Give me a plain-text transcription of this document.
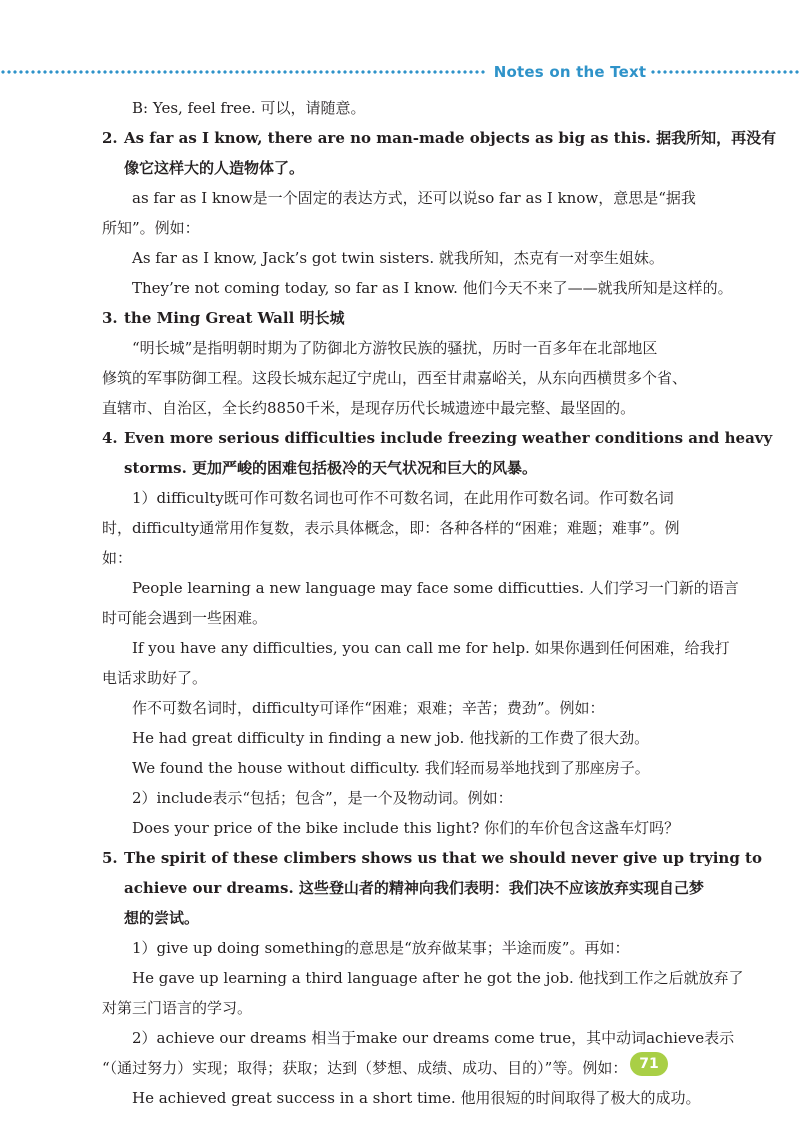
Notes on the Text
B: Yes, feel free. 可以，请随意。
2. As far as I know, there are no man-made objects as big as this. 据我所知，再没有
像它这样大的人造物体了。
as far as I know是一个固定的表达方式，还可以说so far as I know，意思是“据我
所知”。例如：
As far as I know, Jack’s got twin sisters. 就我所知，杰克有一对孪生姐妹。
They’re not coming today, so far as I know. 他们今天不来了——就我所知是这样的。
3. the Ming Great Wall 明长城
“明长城”是指明朝时期为了防御北方游牧民族的骚扰，历时一百多年在北部地区
修筑的军事防御工程。这段长城东起辽宁虎山，西至甘肃嘉峪关，从东向西横贯多个省、
直辖市、自治区，全长约8850千米，是现存历代长城遗迹中最完整、最坚固的。
4. Even more serious difficulties include freezing weather conditions and heavy
storms. 更加严峻的困难包括极冷的天气状况和巨大的风暴。
1）difficulty既可作可数名词也可作不可数名词，在此用作可数名词。作可数名词
时，difficulty通常用作复数，表示具体概念，即：各种各样的“困难；难题；难事”。例
如：
People learning a new language may face some difficutties. 人们学习一门新的语言
时可能会遇到一些困难。
If you have any difficulties, you can call me for help. 如果你遇到任何困难，给我打
电话求助好了。
作不可数名词时，difficulty可译作“困难；艰难；辛苦；费劲”。例如：
He had great difficulty in finding a new job. 他找新的工作费了很大劲。
We found the house without difficulty. 我们轻而易举地找到了那座房子。
2）include表示“包括；包含”，是一个及物动词。例如：
Does your price of the bike include this light? 你们的车价包含这盏车灯吗？
5. The spirit of these climbers shows us that we should never give up trying to
achieve our dreams. 这些登山者的精神向我们表明：我们决不应该放弃实现自己梦
想的尝试。
1）give up doing something的意思是“放弃做某事；半途而废”。再如：
He gave up learning a third language after he got the job. 他找到工作之后就放弃了
对第三门语言的学习。
2）achieve our dreams 相当于make our dreams come true，其中动词achieve表示
“（通过努力）实现；取得；获取；达到（梦想、成绩、成功、目的）”等。例如：
He achieved great success in a short time. 他用很短的时间取得了极大的成功。
71
